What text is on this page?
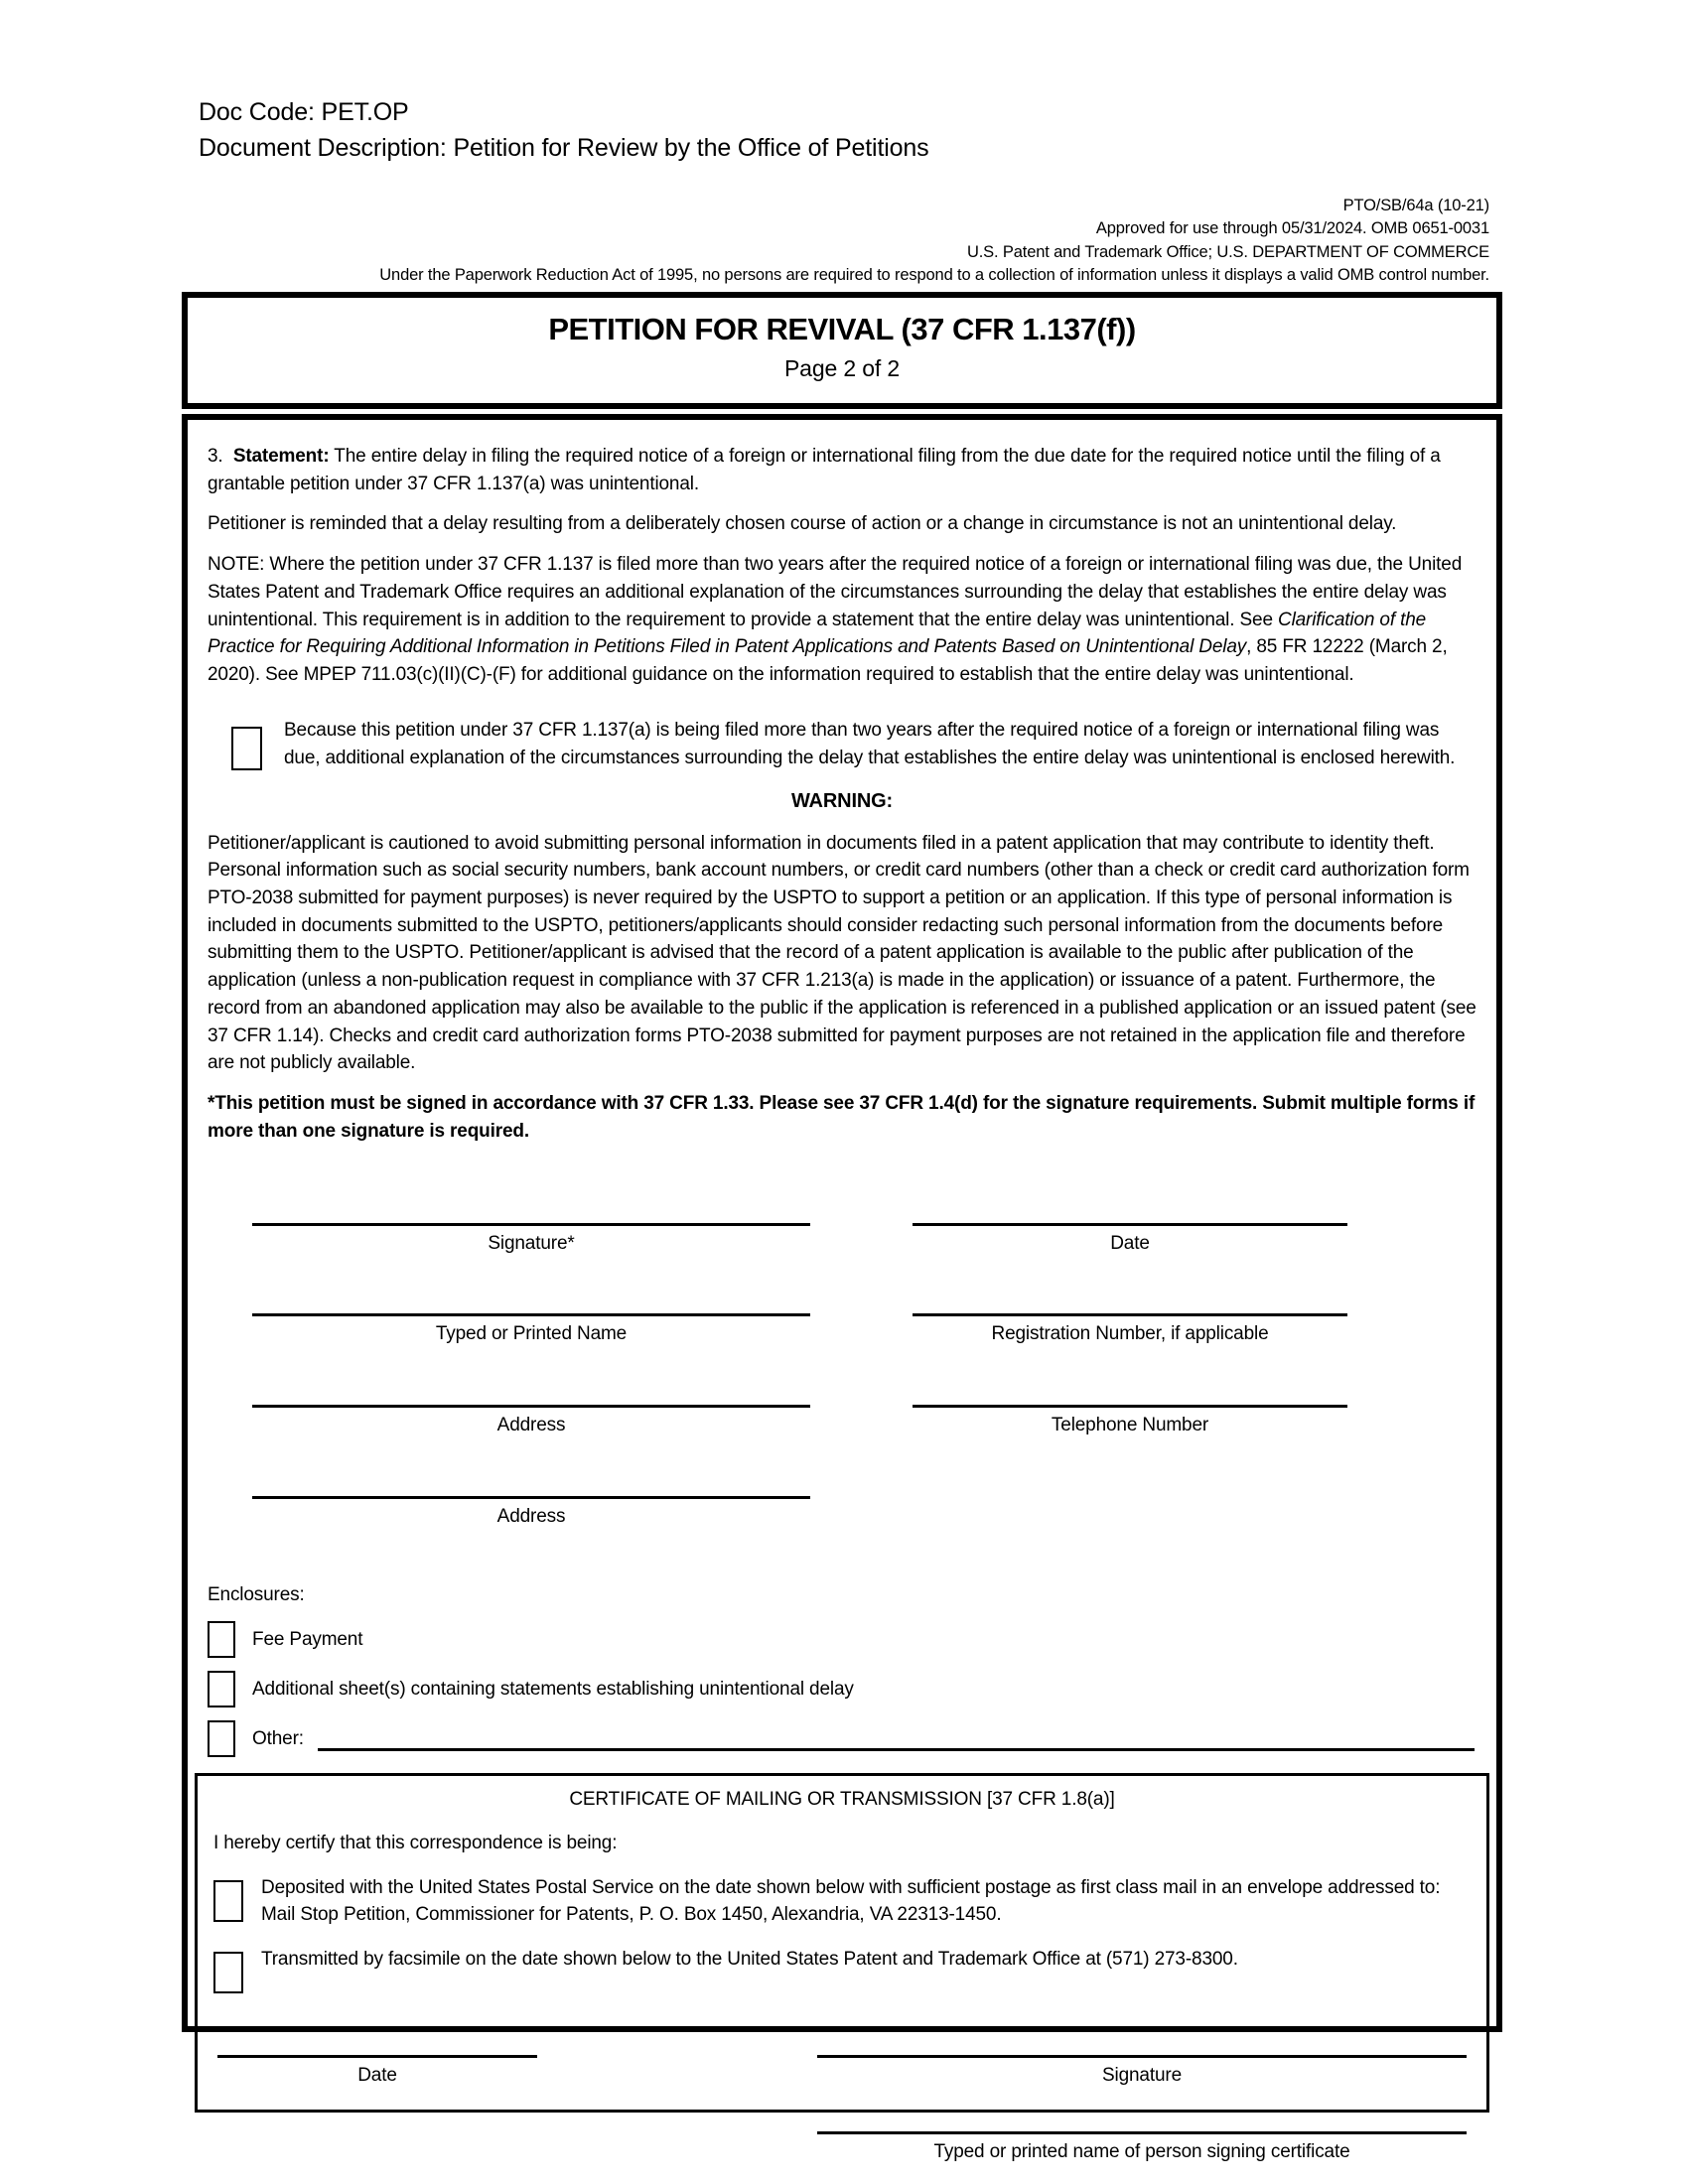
Doc Code: PET.OP
Document Description: Petition for Review by the Office of Petitions
PTO/SB/64a (10-21)
Approved for use through 05/31/2024. OMB 0651-0031
U.S. Patent and Trademark Office; U.S. DEPARTMENT OF COMMERCE
Under the Paperwork Reduction Act of 1995, no persons are required to respond to a collection of information unless it displays a valid OMB control number.
PETITION FOR REVIVAL (37 CFR 1.137(f))
Page 2 of 2

3. Statement: The entire delay in filing the required notice of a foreign or international filing from the due date for the required notice until the filing of a grantable petition under 37 CFR 1.137(a) was unintentional.

Petitioner is reminded that a delay resulting from a deliberately chosen course of action or a change in circumstance is not an unintentional delay.

NOTE: Where the petition under 37 CFR 1.137 is filed more than two years after the required notice of a foreign or international filing was due, the United States Patent and Trademark Office requires an additional explanation of the circumstances surrounding the delay that establishes the entire delay was unintentional. This requirement is in addition to the requirement to provide a statement that the entire delay was unintentional. See Clarification of the Practice for Requiring Additional Information in Petitions Filed in Patent Applications and Patents Based on Unintentional Delay, 85 FR 12222 (March 2, 2020). See MPEP 711.03(c)(II)(C)-(F) for additional guidance on the information required to establish that the entire delay was unintentional.

Because this petition under 37 CFR 1.137(a) is being filed more than two years after the required notice of a foreign or international filing was due, additional explanation of the circumstances surrounding the delay that establishes the entire delay was unintentional is enclosed herewith.
WARNING:

Petitioner/applicant is cautioned to avoid submitting personal information in documents filed in a patent application that may contribute to identity theft. Personal information such as social security numbers, bank account numbers, or credit card numbers (other than a check or credit card authorization form PTO-2038 submitted for payment purposes) is never required by the USPTO to support a petition or an application. If this type of personal information is included in documents submitted to the USPTO, petitioners/applicants should consider redacting such personal information from the documents before submitting them to the USPTO. Petitioner/applicant is advised that the record of a patent application is available to the public after publication of the application (unless a non-publication request in compliance with 37 CFR 1.213(a) is made in the application) or issuance of a patent. Furthermore, the record from an abandoned application may also be available to the public if the application is referenced in a published application or an issued patent (see 37 CFR 1.14). Checks and credit card authorization forms PTO-2038 submitted for payment purposes are not retained in the application file and therefore are not publicly available.

*This petition must be signed in accordance with 37 CFR 1.33. Please see 37 CFR 1.4(d) for the signature requirements. Submit multiple forms if more than one signature is required.

Signature*	Date
Typed or Printed Name	Registration Number, if applicable
Address	Telephone Number
Address
Enclosures:
Fee Payment
Additional sheet(s) containing statements establishing unintentional delay
Other:
CERTIFICATE OF MAILING OR TRANSMISSION [37 CFR 1.8(a)]
I hereby certify that this correspondence is being:
Deposited with the United States Postal Service on the date shown below with sufficient postage as first class mail in an envelope addressed to: Mail Stop Petition, Commissioner for Patents, P. O. Box 1450, Alexandria, VA 22313-1450.
Transmitted by facsimile on the date shown below to the United States Patent and Trademark Office at (571) 273-8300.
Date	Signature
Typed or printed name of person signing certificate
